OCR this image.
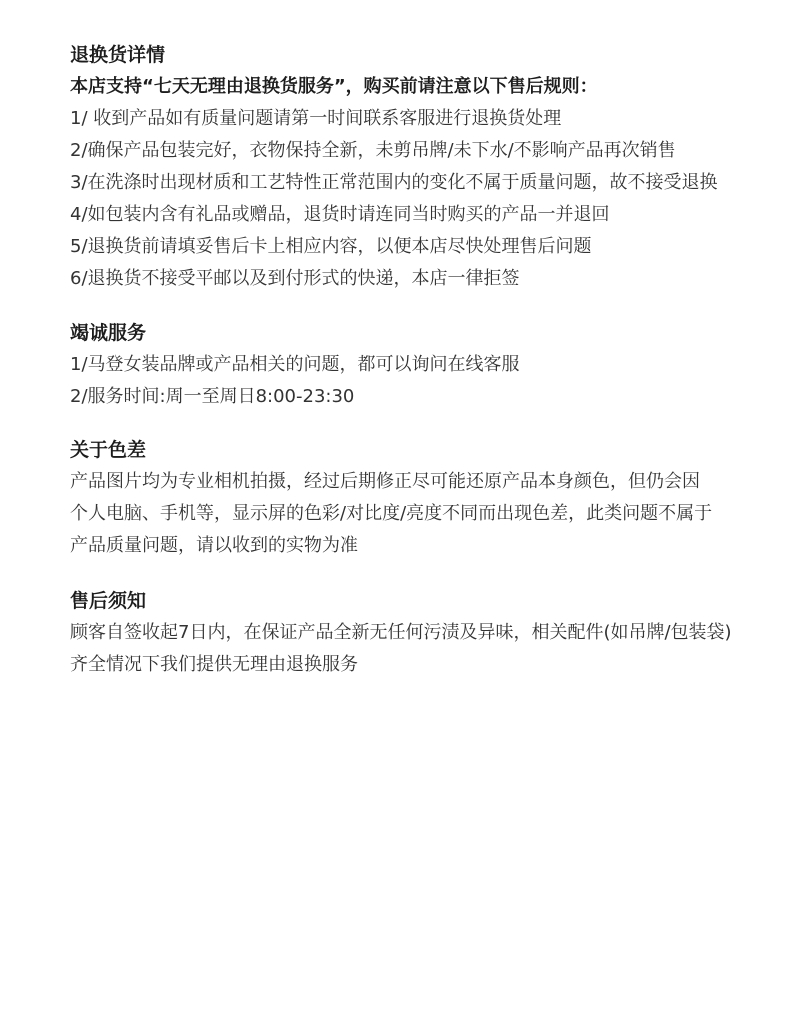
退换货详情
本店支持“七天无理由退换货服务”，购买前请注意以下售后规则：
1/ 收到产品如有质量问题请第一时间联系客服进行退换货处理
2/确保产品包装完好，衣物保持全新，未剪吊牌/未下水/不影响产品再次销售
3/在洗涤时出现材质和工艺特性正常范围内的变化不属于质量问题，故不接受退换
4/如包装内含有礼品或赠品，退货时请连同当时购买的产品一并退回
5/退换货前请填妥售后卡上相应内容，以便本店尽快处理售后问题
6/退换货不接受平邮以及到付形式的快递，本店一律拒签
竭诚服务
1/马登女装品牌或产品相关的问题，都可以询问在线客服
2/服务时间:周一至周日8:00-23:30
关于色差
产品图片均为专业相机拍摄，经过后期修正尽可能还原产品本身颜色，但仍会因
个人电脑、手机等，显示屏的色彩/对比度/亮度不同而出现色差，此类问题不属于
产品质量问题，请以收到的实物为准
售后须知
顾客自签收起7日内，在保证产品全新无任何污渍及异味，相关配件(如吊牌/包装袋)
齐全情况下我们提供无理由退换服务
